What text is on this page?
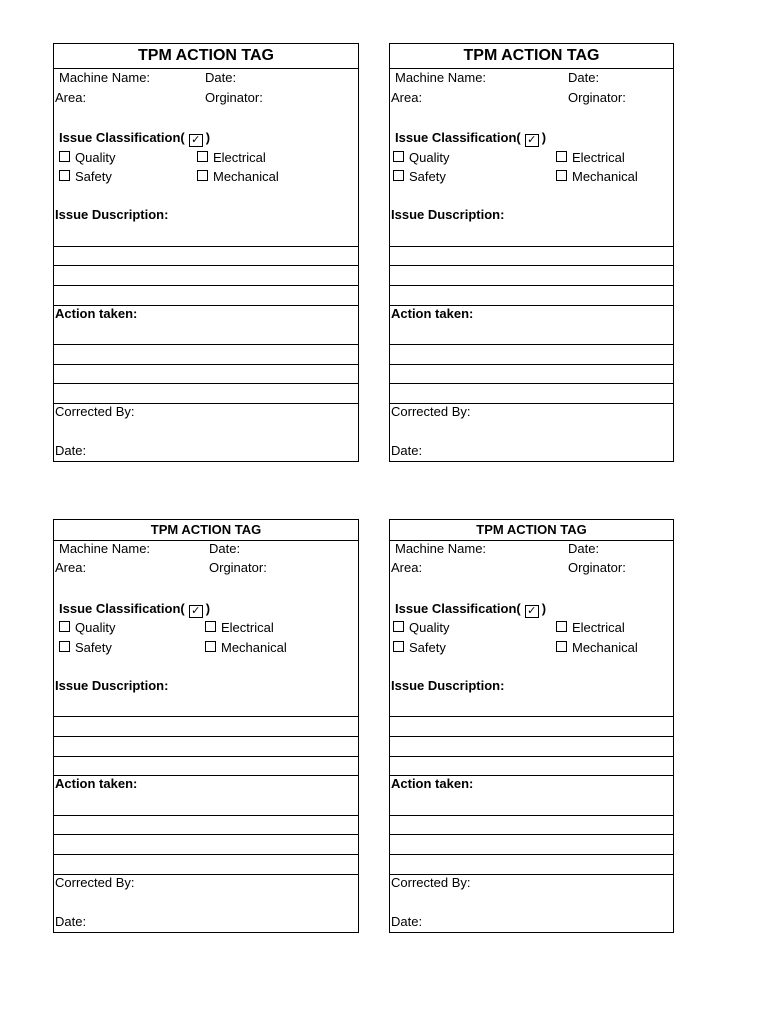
TPM ACTION TAG
Machine Name:	Date:
Area:	Orginator:
Issue Classification( ✓ )
Quality	Electrical
Safety	Mechanical
Issue Duscription:
Action taken:
Corrected By:
Date:
TPM ACTION TAG
Machine Name:	Date:
Area:	Orginator:
Issue Classification( ✓ )
Quality	Electrical
Safety	Mechanical
Issue Duscription:
Action taken:
Corrected By:
Date:
TPM ACTION TAG
Machine Name:	Date:
Area:	Orginator:
Issue Classification( ✓ )
Quality	Electrical
Safety	Mechanical
Issue Duscription:
Action taken:
Corrected By:
Date:
TPM ACTION TAG
Machine Name:	Date:
Area:	Orginator:
Issue Classification( ✓ )
Quality	Electrical
Safety	Mechanical
Issue Duscription:
Action taken:
Corrected By:
Date:
